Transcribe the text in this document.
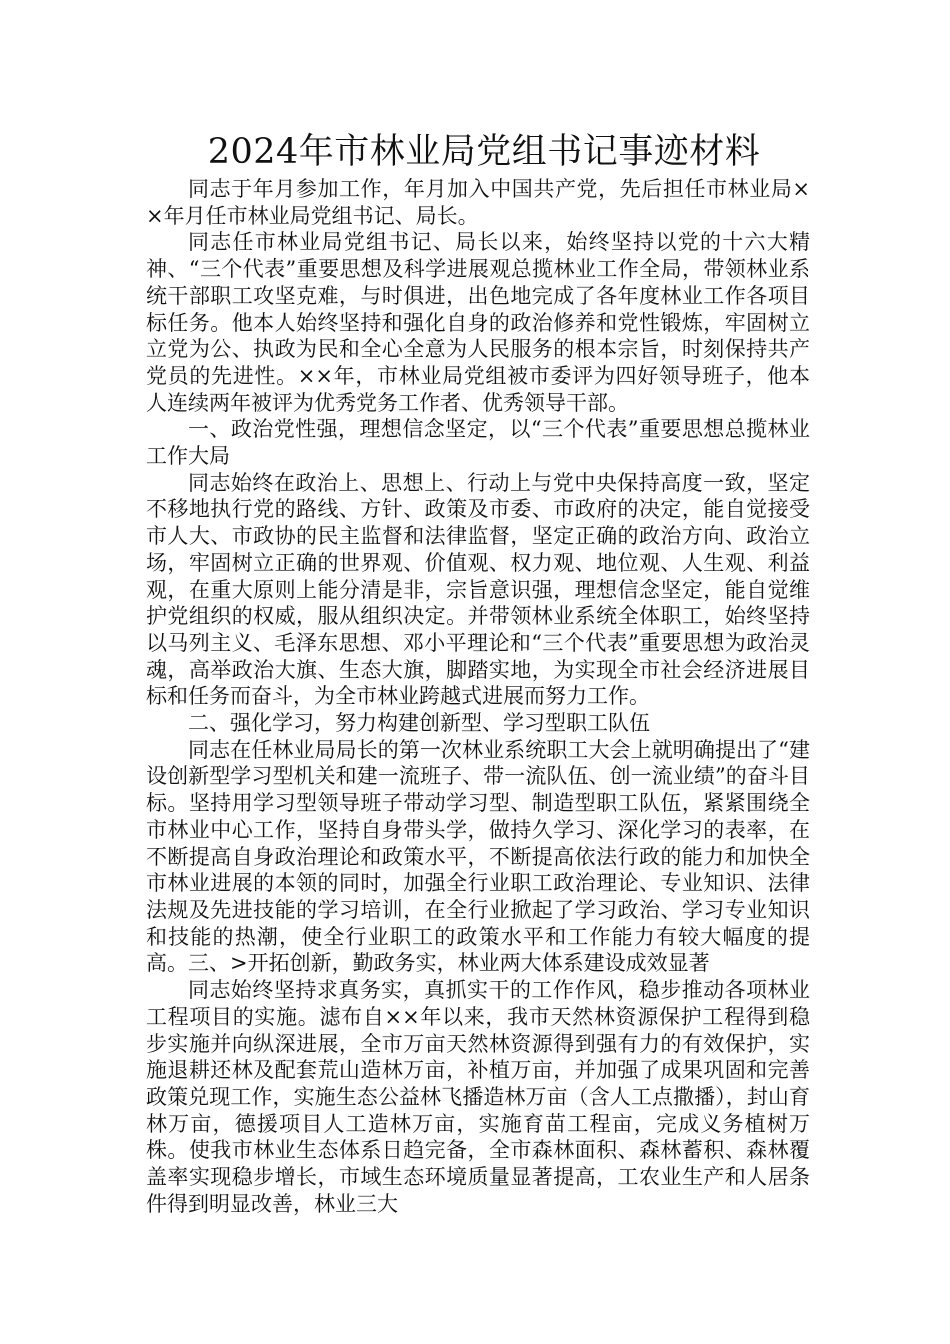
2024年市林业局党组书记事迹材料

同志于年月参加工作，年月加入中国共产党，先后担任市林业局××年月任市林业局党组书记、局长。

同志任市林业局党组书记、局长以来，始终坚持以党的十六大精神、“三个代表”重要思想及科学进展观总揽林业工作全局，带领林业系统干部职工攻坚克难，与时俱进，出色地完成了各年度林业工作各项目标任务。他本人始终坚持和强化自身的政治修养和党性锻炼，牢固树立立党为公、执政为民和全心全意为人民服务的根本宗旨，时刻保持共产党员的先进性。××年，市林业局党组被市委评为四好领导班子，他本人连续两年被评为优秀党务工作者、优秀领导干部。

一、政治党性强，理想信念坚定，以“三个代表”重要思想总揽林业工作大局

同志始终在政治上、思想上、行动上与党中央保持高度一致，坚定不移地执行党的路线、方针、政策及市委、市政府的决定，能自觉接受市人大、市政协的民主监督和法律监督，坚定正确的政治方向、政治立场，牢固树立正确的世界观、价值观、权力观、地位观、人生观、利益观，在重大原则上能分清是非，宗旨意识强，理想信念坚定，能自觉维护党组织的权威，服从组织决定。并带领林业系统全体职工，始终坚持以马列主义、毛泽东思想、邓小平理论和“三个代表”重要思想为政治灵魂，高举政治大旗、生态大旗，脚踏实地，为实现全市社会经济进展目标和任务而奋斗，为全市林业跨越式进展而努力工作。

二、强化学习，努力构建创新型、学习型职工队伍

同志在任林业局局长的第一次林业系统职工大会上就明确提出了“建设创新型学习型机关和建一流班子、带一流队伍、创一流业绩”的奋斗目标。坚持用学习型领导班子带动学习型、制造型职工队伍，紧紧围绕全市林业中心工作，坚持自身带头学，做持久学习、深化学习的表率，在不断提高自身政治理论和政策水平，不断提高依法行政的能力和加快全市林业进展的本领的同时，加强全行业职工政治理论、专业知识、法律法规及先进技能的学习培训，在全行业掀起了学习政治、学习专业知识和技能的热潮，使全行业职工的政策水平和工作能力有较大幅度的提高。三、>开拓创新，勤政务实，林业两大体系建设成效显著

同志始终坚持求真务实，真抓实干的工作作风，稳步推动各项林业工程项目的实施。滤布自××年以来，我市天然林资源保护工程得到稳步实施并向纵深进展，全市万亩天然林资源得到强有力的有效保护，实施退耕还林及配套荒山造林万亩，补植万亩，并加强了成果巩固和完善政策兑现工作，实施生态公益林飞播造林万亩（含人工点撒播），封山育林万亩，德援项目人工造林万亩，实施育苗工程亩，完成义务植树万株。使我市林业生态体系日趋完备，全市森林面积、森林蓄积、森林覆盖率实现稳步增长，市域生态环境质量显著提高，工农业生产和人居条件得到明显改善，林业三大
